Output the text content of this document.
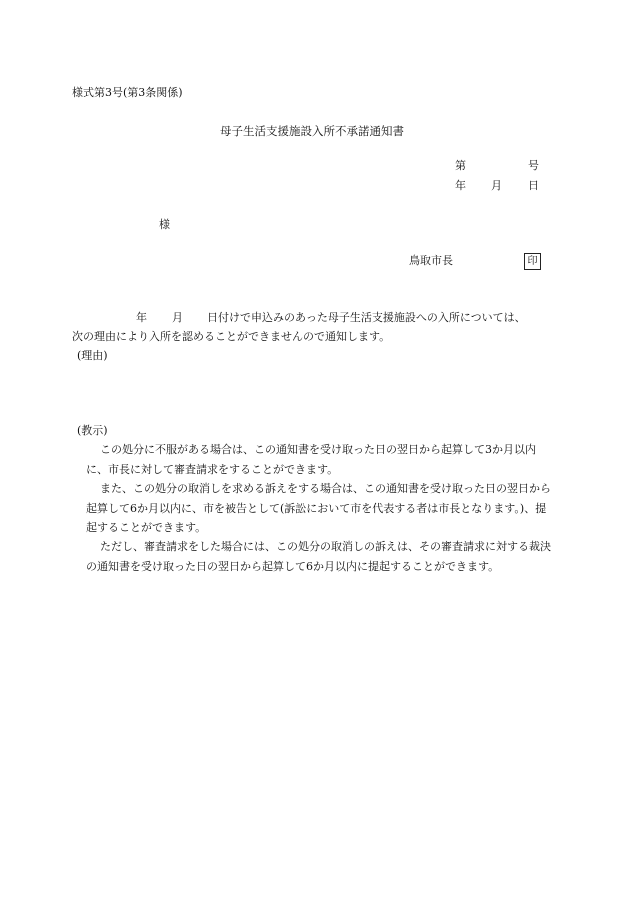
様式第3号(第3条関係)
母子生活支援施設入所不承諾通知書
第	号
年 月 日
様
鳥取市長	印
年 月 日付けで申込みのあった母子生活支援施設への入所については、
次の理由により入所を認めることができませんので通知します。
(理由)
(教示)
この処分に不服がある場合は、この通知書を受け取った日の翌日から起算して3か月以内に、市長に対して審査請求をすることができます。
また、この処分の取消しを求める訴えをする場合は、この通知書を受け取った日の翌日から起算して6か月以内に、市を被告として(訴訟において市を代表する者は市長となります。)、提起することができます。
ただし、審査請求をした場合には、この処分の取消しの訴えは、その審査請求に対する裁決の通知書を受け取った日の翌日から起算して6か月以内に提起することができます。
